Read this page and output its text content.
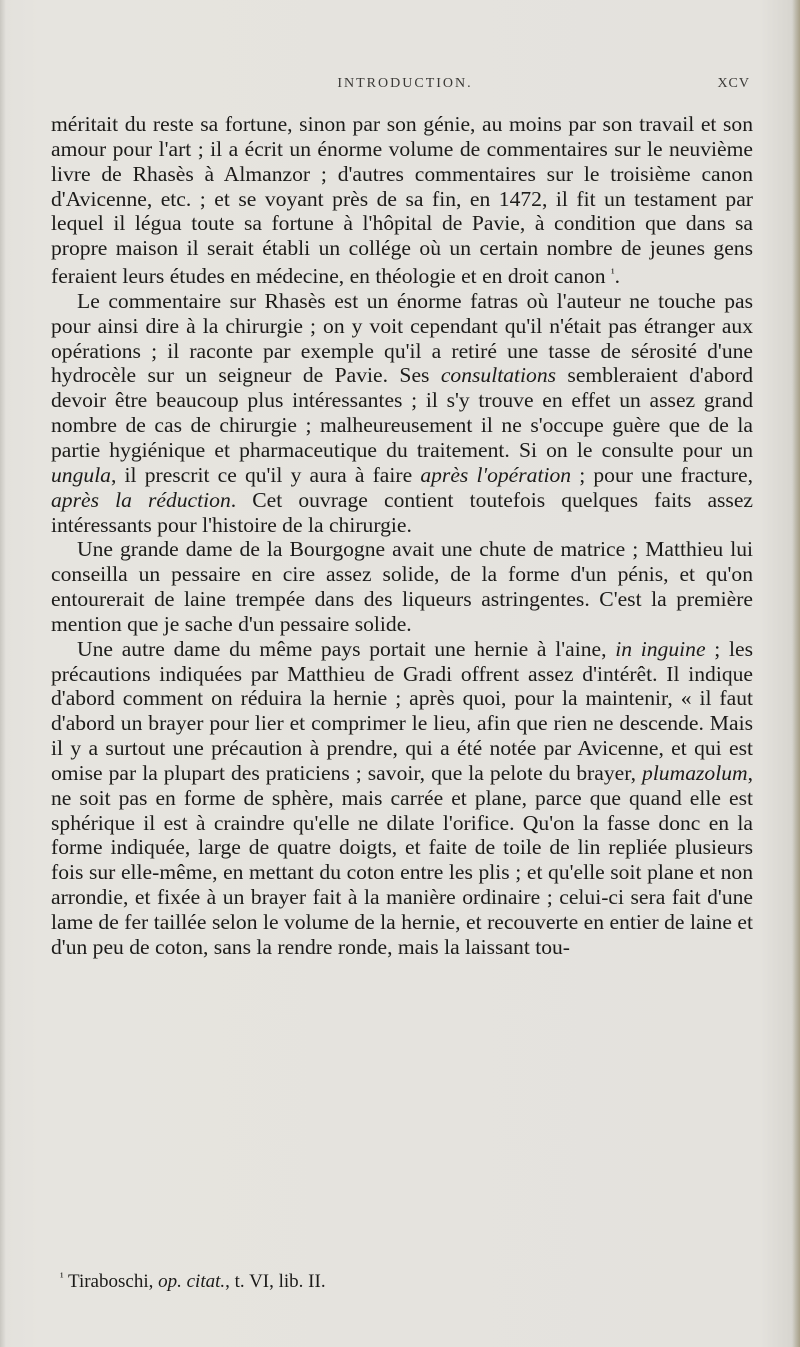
INTRODUCTION.	XCV

méritait du reste sa fortune, sinon par son génie, au moins par son travail et son amour pour l'art ; il a écrit un énorme volume de commentaires sur le neuvième livre de Rhasès à Almanzor ; d'autres commentaires sur le troisième canon d'Avicenne, etc. ; et se voyant près de sa fin, en 1472, il fit un testament par lequel il légua toute sa fortune à l'hôpital de Pavie, à condition que dans sa propre maison il serait établi un collége où un certain nombre de jeunes gens feraient leurs études en médecine, en théologie et en droit canon $^{^1}$.

Le commentaire sur Rhasès est un énorme fatras où l'auteur ne touche pas pour ainsi dire à la chirurgie ; on y voit cependant qu'il n'était pas étranger aux opérations ; il raconte par exemple qu'il a retiré une tasse de sérosité d'une hydrocèle sur un seigneur de Pavie. Ses consultations sembleraient d'abord devoir être beaucoup plus intéressantes ; il s'y trouve en effet un assez grand nombre de cas de chirurgie ; malheureusement il ne s'occupe guère que de la partie hygiénique et pharmaceutique du traitement. Si on le consulte pour un ungula, il prescrit ce qu'il y aura à faire après l'opération ; pour une fracture, après la réduction. Cet ouvrage contient toutefois quelques faits assez intéressants pour l'histoire de la chirurgie.

Une grande dame de la Bourgogne avait une chute de matrice ; Matthieu lui conseilla un pessaire en cire assez solide, de la forme d'un pénis, et qu'on entourerait de laine trempée dans des liqueurs astringentes. C'est la première mention que je sache d'un pessaire solide.

Une autre dame du même pays portait une hernie à l'aine, in inguine ; les précautions indiquées par Matthieu de Gradi offrent assez d'intérêt. Il indique d'abord comment on réduira la hernie ; après quoi, pour la maintenir, « il faut d'abord un brayer pour lier et comprimer le lieu, afin que rien ne descende. Mais il y a surtout une précaution à prendre, qui a été notée par Avicenne, et qui est omise par la plupart des praticiens ; savoir, que la pelote du brayer, plumazolum, ne soit pas en forme de sphère, mais carrée et plane, parce que quand elle est sphérique il est à craindre qu'elle ne dilate l'orifice. Qu'on la fasse donc en la forme indiquée, large de quatre doigts, et faite de toile de lin repliée plusieurs fois sur elle-même, en mettant du coton entre les plis ; et qu'elle soit plane et non arrondie, et fixée à un brayer fait à la manière ordinaire ; celui-ci sera fait d'une lame de fer taillée selon le volume de la hernie, et recouverte en entier de laine et d'un peu de coton, sans la rendre ronde, mais la laissant tou-

$^{^1}$ Tiraboschi, op. citat., t. VI, lib. II.
